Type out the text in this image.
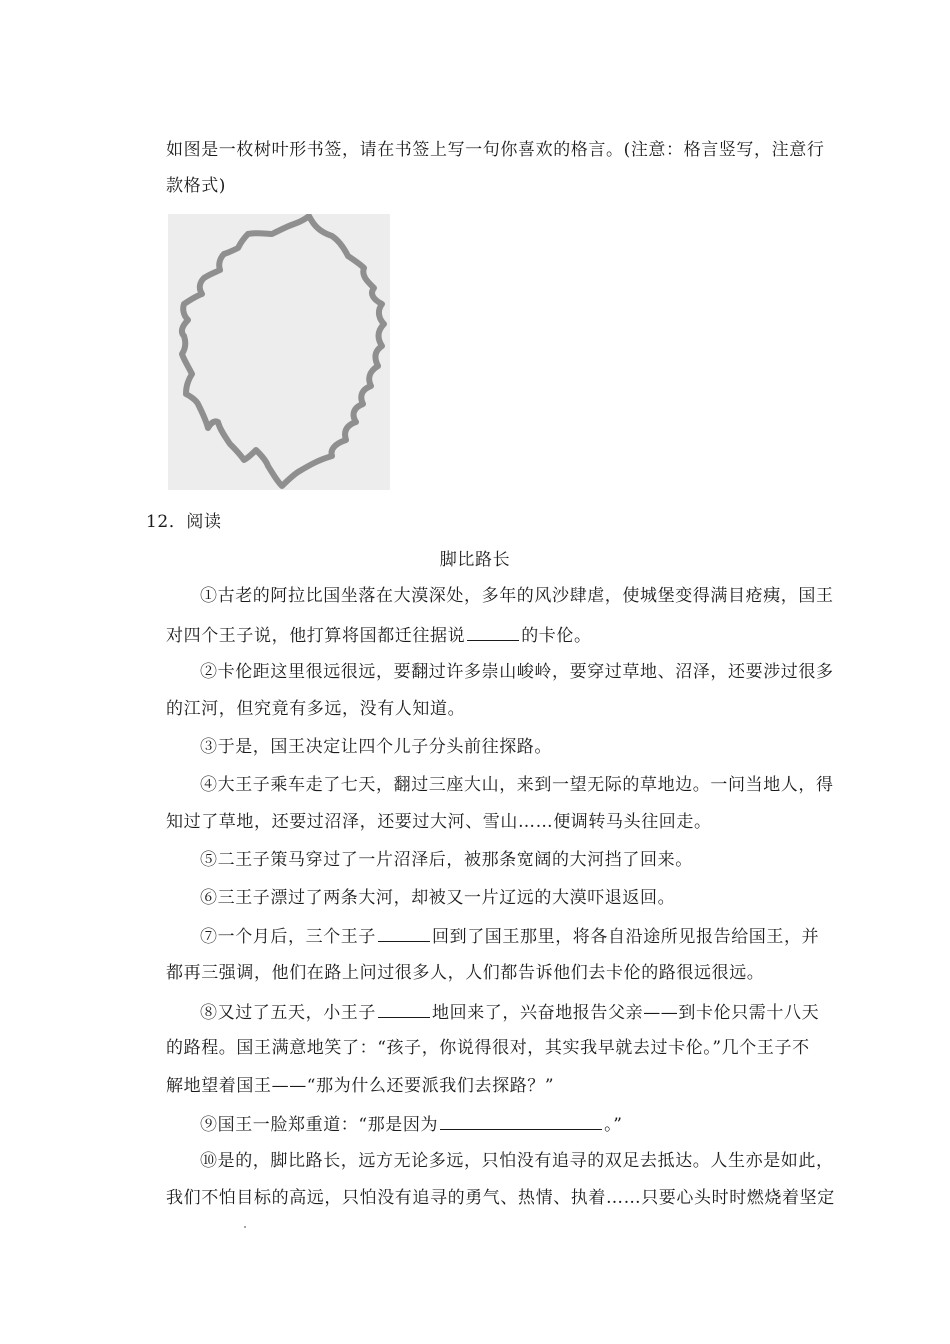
如图是一枚树叶形书签，请在书签上写一句你喜欢的格言。(注意：格言竖写，注意行
款格式)
12．阅读
脚比路长
①古老的阿拉比国坐落在大漠深处，多年的风沙肆虐，使城堡变得满目疮痍，国王
对四个王子说，他打算将国都迁往据说	的卡伦。
②卡伦距这里很远很远，要翻过许多崇山峻岭，要穿过草地、沼泽，还要涉过很多
的江河，但究竟有多远，没有人知道。
③于是，国王决定让四个儿子分头前往探路。
④大王子乘车走了七天，翻过三座大山，来到一望无际的草地边。一问当地人，得
知过了草地，还要过沼泽，还要过大河、雪山……便调转马头往回走。
⑤二王子策马穿过了一片沼泽后，被那条宽阔的大河挡了回来。
⑥三王子漂过了两条大河，却被又一片辽远的大漠吓退返回。
⑦一个月后，三个王子	回到了国王那里，将各自沿途所见报告给国王，并
都再三强调，他们在路上问过很多人，人们都告诉他们去卡伦的路很远很远。
⑧又过了五天，小王子	地回来了，兴奋地报告父亲——到卡伦只需十八天
的路程。国王满意地笑了：“孩子，你说得很对，其实我早就去过卡伦。”几个王子不
解地望着国王——“那为什么还要派我们去探路？”
⑨国王一脸郑重道：“那是因为	。”
⑩是的，脚比路长，远方无论多远，只怕没有追寻的双足去抵达。人生亦是如此，
我们不怕目标的高远，只怕没有追寻的勇气、热情、执着……只要心头时时燃烧着坚定
